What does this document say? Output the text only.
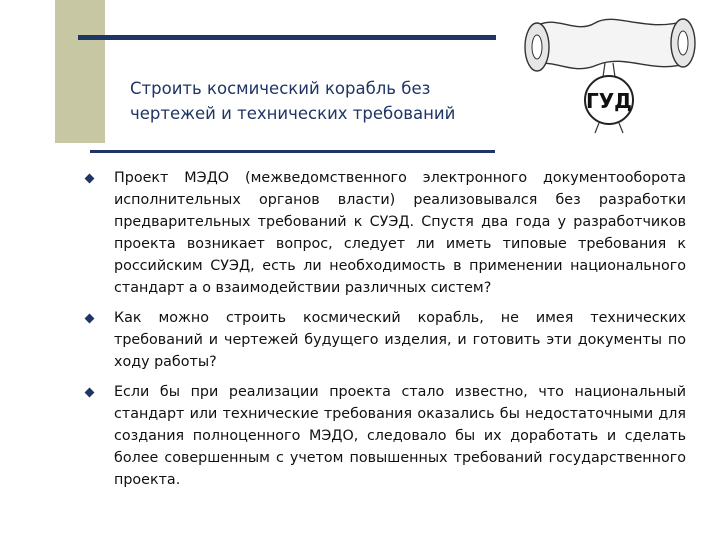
Строить космический корабль без
чертежей и технических требований
ГУД
Проект МЭДО (межведомственного электронного документооборота исполнительных органов власти) реализовывался без разработки предварительных требований к СУЭД. Спустя два года у разработчиков проекта возникает вопрос, следует ли иметь типовые требования к российским СУЭД, есть ли необходимость в применении национального стандарт а о взаимодействии различных систем?
Как можно строить космический корабль, не имея технических требований и чертежей будущего изделия, и готовить эти документы по ходу работы?
Если бы при реализации проекта стало известно, что национальный стандарт или технические требования оказались бы недостаточными для создания полноценного МЭДО, следовало бы их доработать и сделать более совершенным с учетом повышенных требований государственного проекта.
